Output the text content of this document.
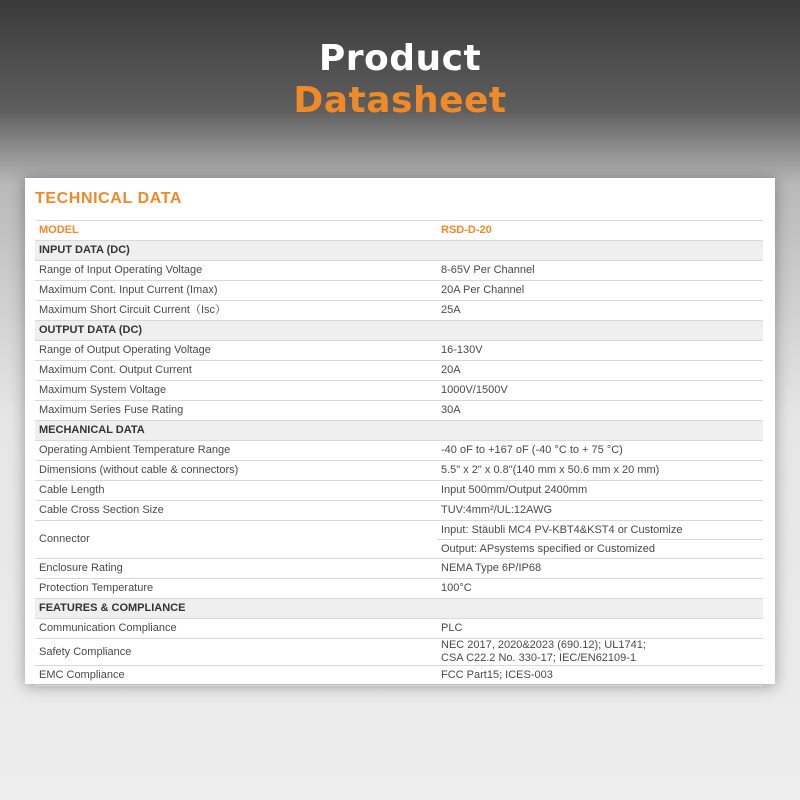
Product
Datasheet
TECHNICAL DATA
MODEL	RSD-D-20
INPUT DATA (DC)	
Range of Input Operating Voltage	8-65V Per Channel
Maximum Cont. Input Current (Imax)	20A Per Channel
Maximum Short Circuit Current（Isc）	25A
OUTPUT DATA (DC)	
Range of Output Operating Voltage	16-130V
Maximum Cont. Output Current	20A
Maximum System Voltage	1000V/1500V
Maximum Series Fuse Rating	30A
MECHANICAL DATA	
Operating Ambient Temperature Range	-40 oF to +167 oF (-40 °C to + 75 °C)
Dimensions (without cable & connectors)	5.5" x 2" x 0.8"(140 mm x 50.6 mm x 20 mm)
Cable Length	Input 500mm/Output 2400mm
Cable Cross Section Size	TUV:4mm²/UL:12AWG
Connector	Input: Stäubli MC4 PV-KBT4&KST4 or Customize
	Output: APsystems specified or Customized
Enclosure Rating	NEMA Type 6P/IP68
Protection Temperature	100°C
FEATURES & COMPLIANCE	
Communication Compliance	PLC
Safety Compliance	NEC 2017, 2020&2023 (690.12); UL1741;
CSA C22.2 No. 330-17; IEC/EN62109-1

EMC Compliance	FCC Part15; ICES-003
